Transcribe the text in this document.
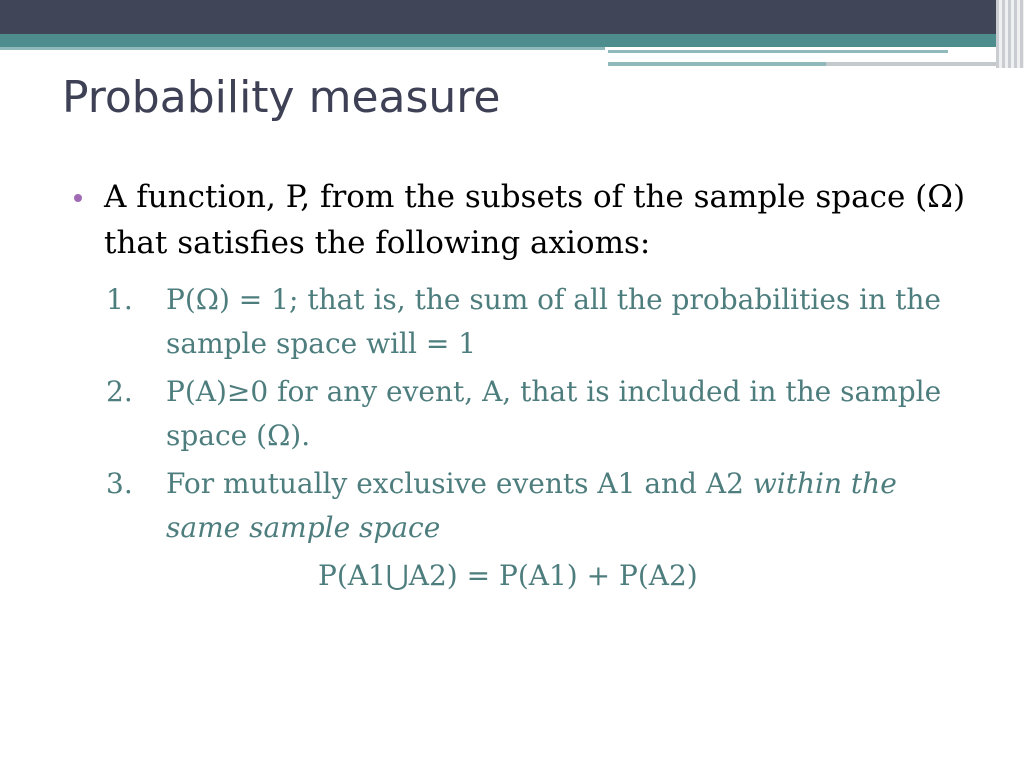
Probability measure

A function, P, from the subsets of the sample space (Ω) that satisfies the following axioms:

1. P(Ω) = 1; that is, the sum of all the probabilities in the sample space will = 1
2. P(A)≥0 for any event, A, that is included in the sample space (Ω).
3. For mutually exclusive events A1 and A2 within the same sample space
P(A1⋃A2) = P(A1) + P(A2)
